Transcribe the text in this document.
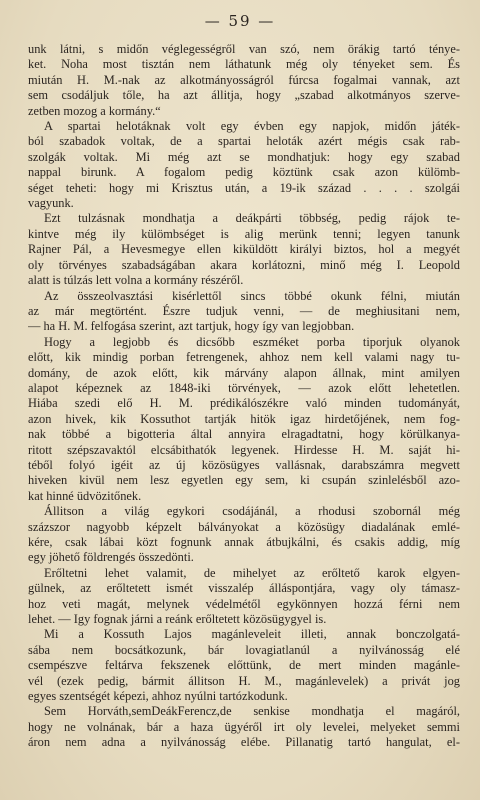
— 59 —
unk látni, s midőn véglegességről van szó, nem örákig tartó ténye-
ket. Noha most tisztán nem láthatunk még oly tényeket sem. És
miután H. M.-nak az alkotmányosságról fúrcsa fogalmai vannak, azt
sem csodáljuk tőle, ha azt állitja, hogy „szabad alkotmányos szerve-
zetben mozog a kormány.“
A spartai helotáknak volt egy évben egy napjok, midőn játék-
ból szabadok voltak, de a spartai heloták azért mégis csak rab-
szolgák voltak. Mi még azt se mondhatjuk: hogy egy szabad
nappal birunk. A fogalom pedig köztünk csak azon külömb-
séget teheti: hogy mi Krisztus után, a 19-ik század . . . . szolgái
vagyunk.
Ezt tulzásnak mondhatja a deákpárti többség, pedig rájok te-
kintve még ily külömbséget is alig merünk tenni; legyen tanunk
Rajner Pál, a Hevesmegye ellen kiküldött királyi biztos, hol a megyét
oly törvényes szabadságában akara korlátozni, minő még I. Leopold
alatt is túlzás lett volna a kormány részéről.
Az összeolvasztási kisérlettől sincs többé okunk félni, miután
az már megtörtént. Észre tudjuk venni, — de meghiusitani nem,
— ha H. M. felfogása szerint, azt tartjuk, hogy így van legjobban.
Hogy a legjobb és dicsőbb eszméket porba tiporjuk olyanok
előtt, kik mindig porban fetrengenek, ahhoz nem kell valami nagy tu-
domány, de azok előtt, kik márvány alapon állnak, mint amilyen
alapot képeznek az 1848-iki törvények, — azok előtt lehetetlen.
Hiába szedi elő H. M. prédikálószékre való minden tudományát,
azon hivek, kik Kossuthot tartják hitök igaz hirdetőjének, nem fog-
nak többé a bigotteria által annyira elragadtatni, hogy körülkanya-
ritott szépszavaktól elcsábithatók legyenek. Hirdesse H. M. saját hi-
téből folyó igéit az új közösügyes vallásnak, darabszámra megvett
hiveken kivül nem lesz egyetlen egy sem, ki csupán szinlelésből azo-
kat hinné üdvözitőnek.
Állitson a világ egykori csodájánál, a rhodusi szobornál még
százszor nagyobb képzelt bálványokat a közösügy diadalának emlé-
kére, csak lábai közt fognunk annak átbujkálni, és csakis addig, míg
egy jöhető földrengés összedönti.
Erőltetni lehet valamit, de mihelyet az erőltető karok elgyen-
gülnek, az erőltetett ismét visszalép álláspontjára, vagy oly támasz-
hoz veti magát, melynek védelmétől egykönnyen hozzá férni nem
lehet. — Igy fognak járni a reánk erőltetett közösügygyel is.
Mi a Kossuth Lajos magánleveleit illeti, annak bonczolgatá-
sába nem bocsátkozunk, bár lovagiatlanúl a nyilvánosság elé
csempészve feltárva fekszenek előttünk, de mert minden magánle-
vél (ezek pedig, bármit állitson H. M., magánlevelek) a privát jog
egyes szentségét képezi, ahhoz nyúlni tartózkodunk.
Sem Horváth,semDeákFerencz,de senkise mondhatja el magáról,
hogy ne volnának, bár a haza ügyéről irt oly levelei, melyeket semmi
áron nem adna a nyilvánosság elébe. Pillanatig tartó hangulat, el-
